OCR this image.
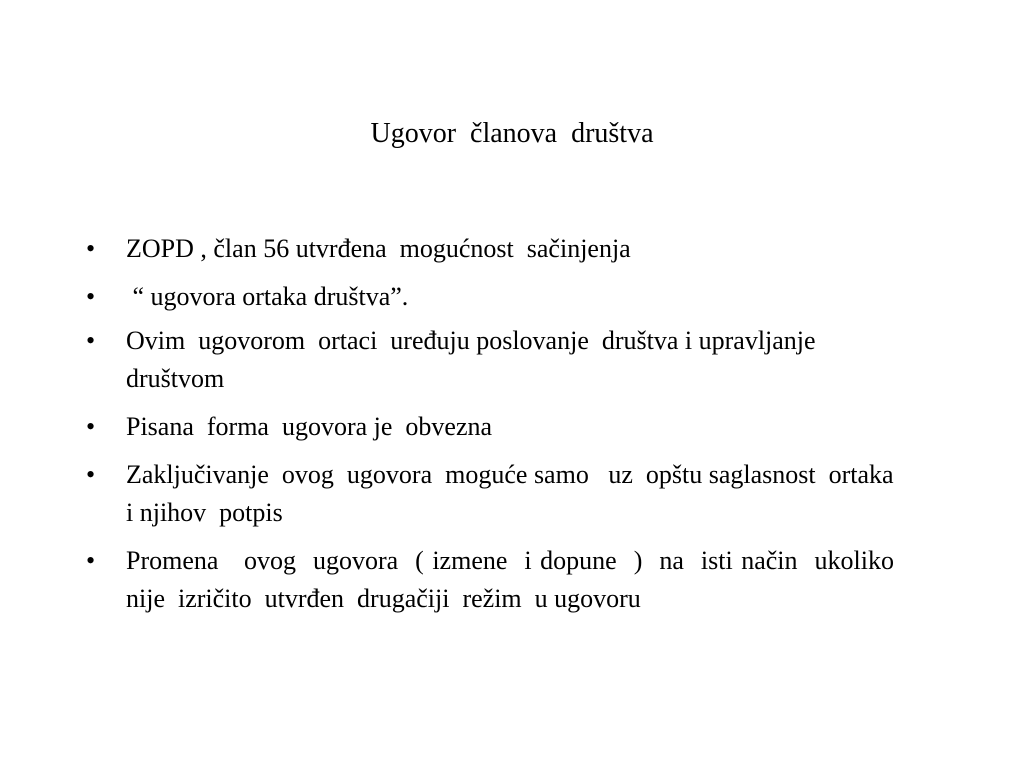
Ugovor  članova  društva
•	ZOPD , član 56 utvrđena  mogućnost  sačinjenja
•	“ ugovora ortaka društva”.
•	Ovim  ugovorom  ortaci  uređuju poslovanje  društva i upravljanje  društvom
•	Pisana  forma  ugovora je  obvezna
•	Zaključivanje  ovog  ugovora  moguće samo   uz  opštu saglasnost  ortaka   i njihov  potpis
•	Promena   ovog  ugovora  ( izmene  i dopune  )  na  isti način  ukoliko  nije  izričito  utvrđen  drugačiji  režim  u ugovoru
